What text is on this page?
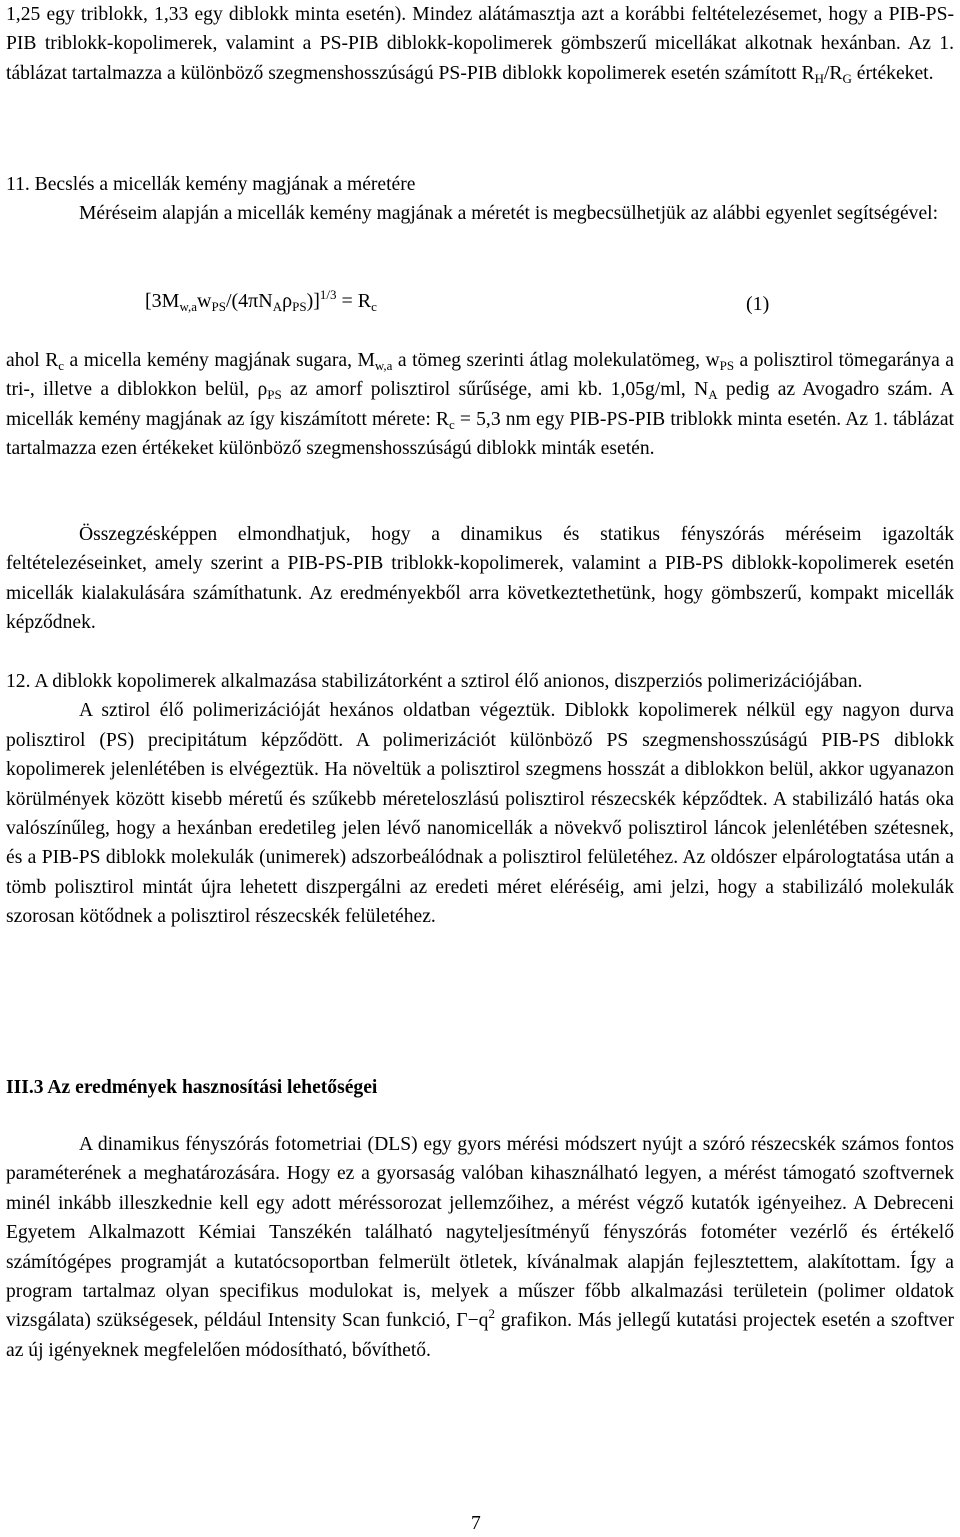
1,25 egy triblokk, 1,33 egy diblokk minta esetén). Mindez alátámasztja azt a korábbi feltételezésemet, hogy a PIB-PS-PIB triblokk-kopolimerek, valamint a PS-PIB diblokk-kopolimerek gömbszerű micellákat alkotnak hexánban. Az 1. táblázat tartalmazza a különböző szegmenshosszúságú PS-PIB diblokk kopolimerek esetén számított $R_H/R_G$ értékeket.

11. Becslés a micellák kemény magjának a méretére

Méréseim alapján a micellák kemény magjának a méretét is megbecsülhetjük az alábbi egyenlet segítségével:

$[3M_{w,a}w_{PS}/(4\pi N_A\rho_{PS})]^{1/3} = R_c$	(1)

ahol $R_c$ a micella kemény magjának sugara, $M_{w,a}$ a tömeg szerinti átlag molekulatömeg, $w_{PS}$ a polisztirol tömegaránya a tri-, illetve a diblokkon belül, $\rho_{PS}$ az amorf polisztirol sűrűsége, ami kb. 1,05g/ml, $N_A$ pedig az Avogadro szám. A micellák kemény magjának az így kiszámított mérete: $R_c = 5,3$ nm egy PIB-PS-PIB triblokk minta esetén. Az 1. táblázat tartalmazza ezen értékeket különböző szegmenshosszúságú diblokk minták esetén.

Összegzésképpen elmondhatjuk, hogy a dinamikus és statikus fényszórás méréseim igazolták feltételezéseinket, amely szerint a PIB-PS-PIB triblokk-kopolimerek, valamint a PIB-PS diblokk-kopolimerek esetén micellák kialakulására számíthatunk. Az eredményekből arra következtethetünk, hogy gömbszerű, kompakt micellák képződnek.

12. A diblokk kopolimerek alkalmazása stabilizátorként a sztirol élő anionos, diszperziós polimerizációjában.

A sztirol élő polimerizációját hexános oldatban végeztük. Diblokk kopolimerek nélkül egy nagyon durva polisztirol (PS) precipitátum képződött. A polimerizációt különböző PS szegmenshosszúságú PIB-PS diblokk kopolimerek jelenlétében is elvégeztük. Ha növeltük a polisztirol szegmens hosszát a diblokkon belül, akkor ugyanazon körülmények között kisebb méretű és szűkebb méreteloszlású polisztirol részecskék képződtek. A stabilizáló hatás oka valószínűleg, hogy a hexánban eredetileg jelen lévő nanomicellák a növekvő polisztirol láncok jelenlétében szétesnek, és a PIB-PS diblokk molekulák (unimerek) adszorbeálódnak a polisztirol felületéhez. Az oldószer elpárologtatása után a tömb polisztirol mintát újra lehetett diszpergálni az eredeti méret eléréséig, ami jelzi, hogy a stabilizáló molekulák szorosan kötődnek a polisztirol részecskék felületéhez.

III.3 Az eredmények hasznosítási lehetőségei

A dinamikus fényszórás fotometriai (DLS) egy gyors mérési módszert nyújt a szóró részecskék számos fontos paraméterének a meghatározására. Hogy ez a gyorsaság valóban kihasználható legyen, a mérést támogató szoftvernek minél inkább illeszkednie kell egy adott méréssorozat jellemzőihez, a mérést végző kutatók igényeihez. A Debreceni Egyetem Alkalmazott Kémiai Tanszékén található nagyteljesítményű fényszórás fotométer vezérlő és értékelő számítógépes programját a kutatócsoportban felmerült ötletek, kívánalmak alapján fejlesztettem, alakítottam. Így a program tartalmaz olyan specifikus modulokat is, melyek a műszer főbb alkalmazási területein (polimer oldatok vizsgálata) szükségesek, például Intensity Scan funkció, $\Gamma-q^2$ grafikon. Más jellegű kutatási projectek esetén a szoftver az új igényeknek megfelelően módosítható, bővíthető.

7
